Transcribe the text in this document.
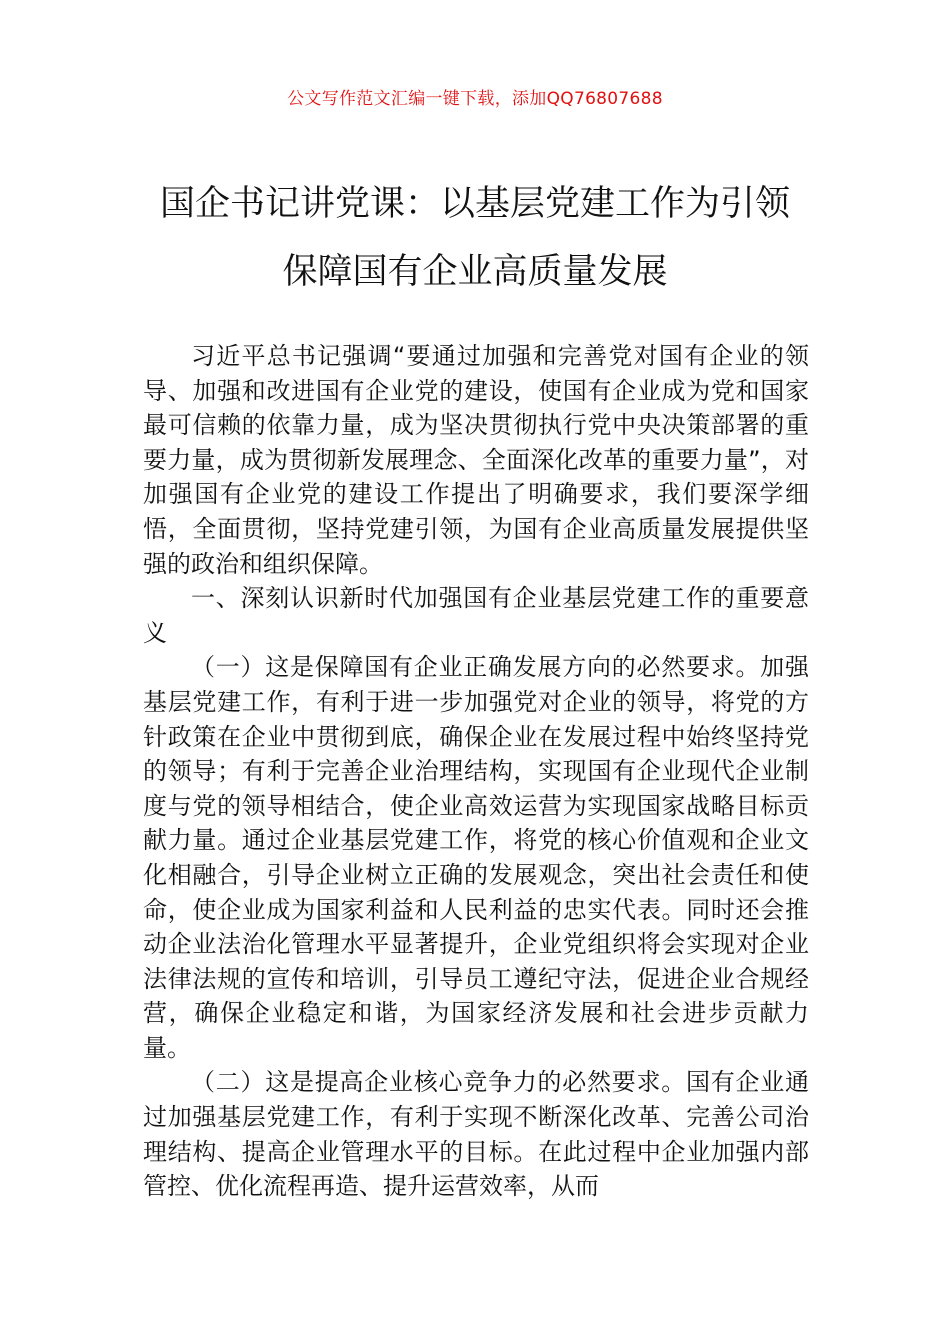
公文写作范文汇编一键下载，添加QQ76807688
国企书记讲党课：以基层党建工作为引领
保障国有企业高质量发展

习近平总书记强调“要通过加强和完善党对国有企业的领导、加强和改进国有企业党的建设，使国有企业成为党和国家最可信赖的依靠力量，成为坚决贯彻执行党中央决策部署的重要力量，成为贯彻新发展理念、全面深化改革的重要力量”，对加强国有企业党的建设工作提出了明确要求，我们要深学细悟，全面贯彻，坚持党建引领，为国有企业高质量发展提供坚强的政治和组织保障。

一、深刻认识新时代加强国有企业基层党建工作的重要意义

（一）这是保障国有企业正确发展方向的必然要求。加强基层党建工作，有利于进一步加强党对企业的领导，将党的方针政策在企业中贯彻到底，确保企业在发展过程中始终坚持党的领导；有利于完善企业治理结构，实现国有企业现代企业制度与党的领导相结合，使企业高效运营为实现国家战略目标贡献力量。通过企业基层党建工作，将党的核心价值观和企业文化相融合，引导企业树立正确的发展观念，突出社会责任和使命，使企业成为国家利益和人民利益的忠实代表。同时还会推动企业法治化管理水平显著提升，企业党组织将会实现对企业法律法规的宣传和培训，引导员工遵纪守法，促进企业合规经营，确保企业稳定和谐，为国家经济发展和社会进步贡献力量。

（二）这是提高企业核心竞争力的必然要求。国有企业通过加强基层党建工作，有利于实现不断深化改革、完善公司治理结构、提高企业管理水平的目标。在此过程中企业加强内部管控、优化流程再造、提升运营效率，从而
